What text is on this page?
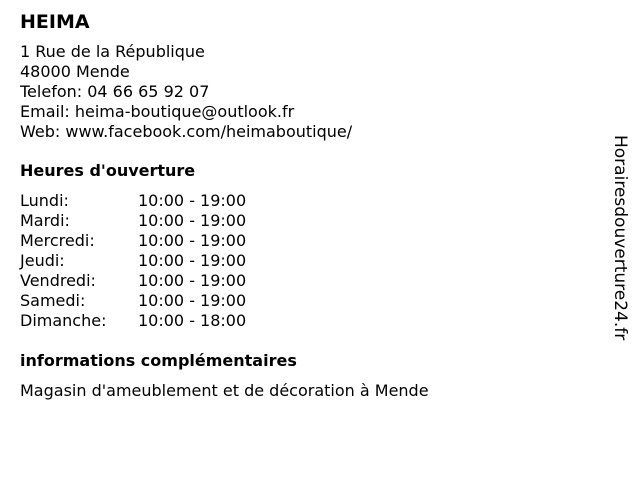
HEIMA
1 Rue de la République
48000 Mende
Telefon: 04 66 65 92 07
Email: heima-boutique@outlook.fr
Web: www.facebook.com/heimaboutique/
Heures d'ouverture
Lundi:	10:00 - 19:00
Mardi:	10:00 - 19:00
Mercredi:	10:00 - 19:00
Jeudi:	10:00 - 19:00
Vendredi:	10:00 - 19:00
Samedi:	10:00 - 19:00
Dimanche:	10:00 - 18:00
informations complémentaires
Magasin d'ameublement et de décoration à Mende
Horairesdouverture24.fr
